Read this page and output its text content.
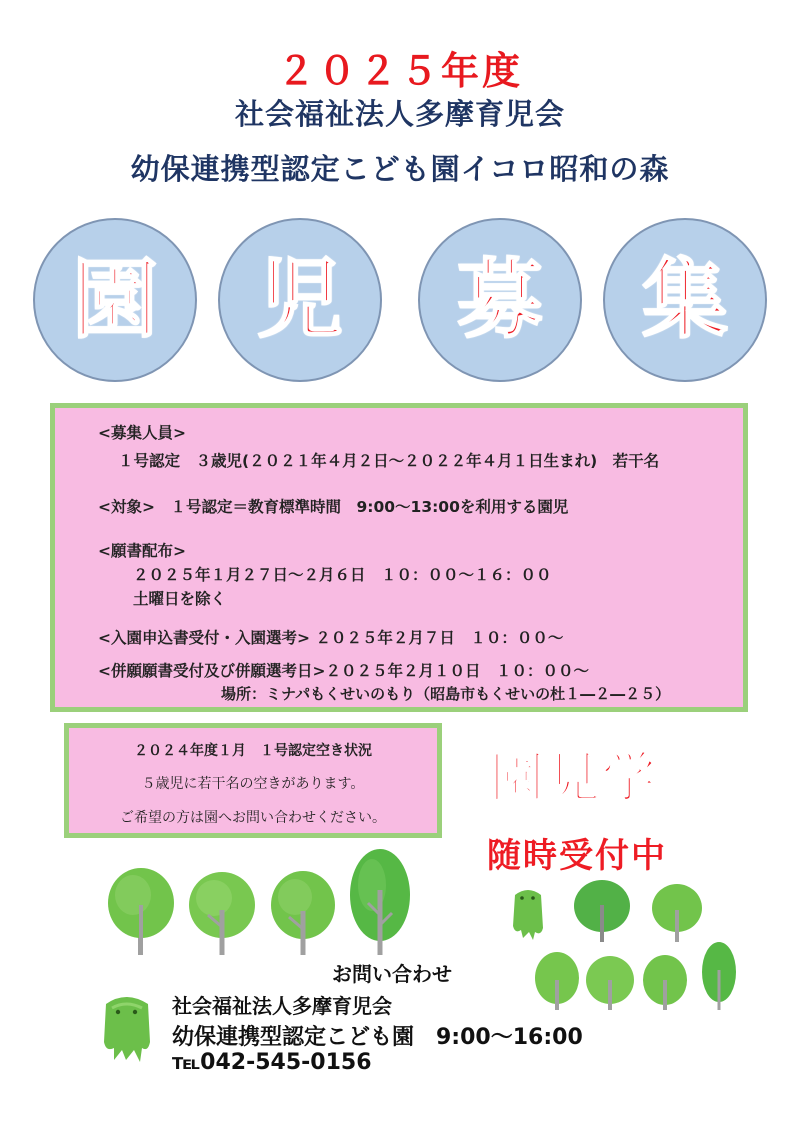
２０２５年度
社会福祉法人多摩育児会
幼保連携型認定こども園イコロ昭和の森
園 児 募 集
<募集人員>
１号認定　３歳児(２０２１年４月２日～２０２２年４月１日生まれ)　若干名
<対象>　１号認定＝教育標準時間　9:00～13:00を利用する園児
<願書配布>
２０２５年１月２７日～２月６日　１０：００～１６：００
土曜日を除く
<入園申込書受付・入園選考> ２０２５年２月７日　１０：００～
<併願願書受付及び併願選考日>２０２５年２月１０日　１０：００～
場所：ミナパもくせいのもり（昭島市もくせいの杜１―２―２５）
２０２４年度１月　１号認定空き状況
５歳児に若干名の空きがあります。
ご希望の方は園へお問い合わせください。
園見学
随時受付中
お問い合わせ
社会福祉法人多摩育児会
幼保連携型認定こども園　9:00～16:00
℡042-545-0156
